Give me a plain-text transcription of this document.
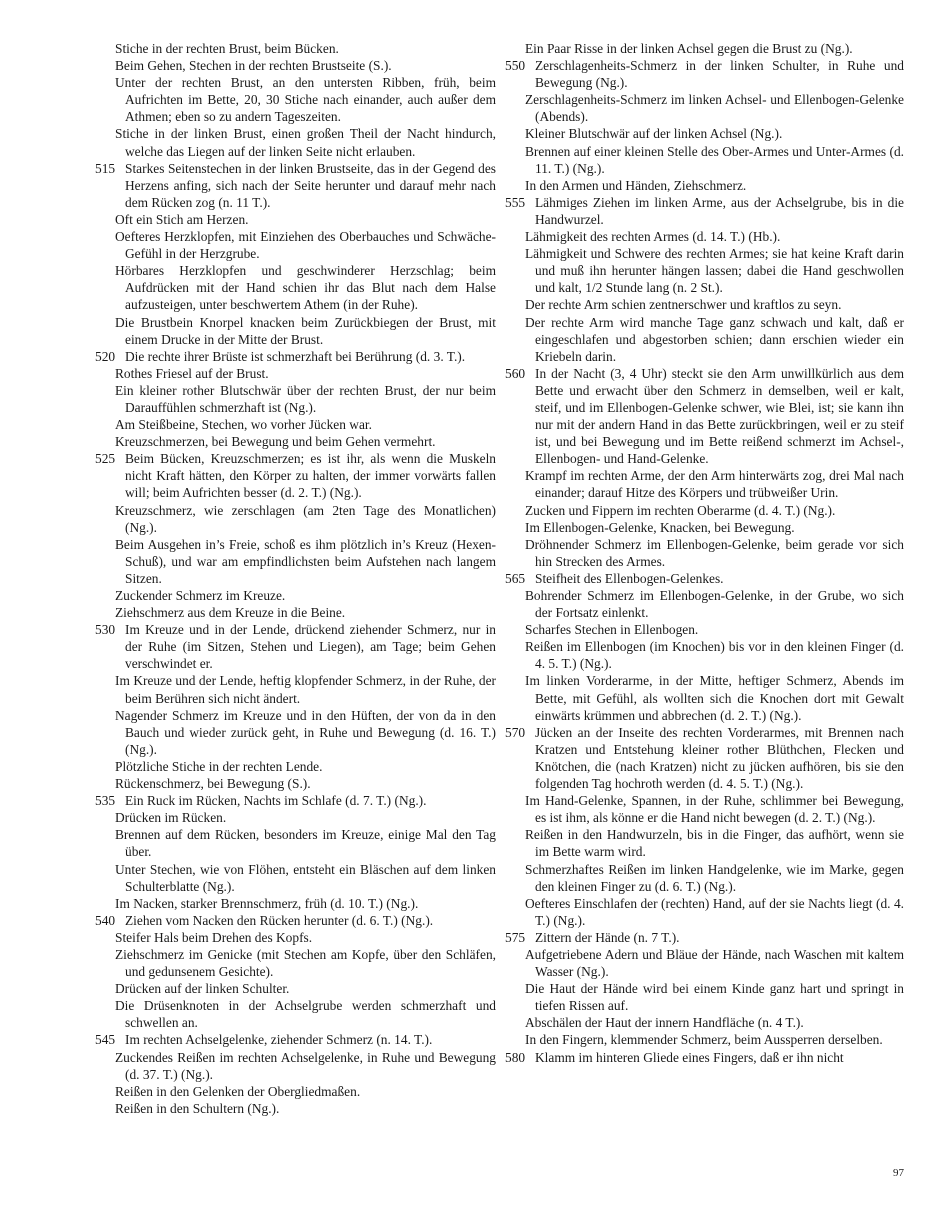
Stiche in der rechten Brust, beim Bücken.
Beim Gehen, Stechen in der rechten Brustseite (S.).
Unter der rechten Brust, an den untersten Ribben, früh, beim Aufrichten im Bette, 20, 30 Stiche nach einander, auch außer dem Athmen; eben so zu andern Tageszeiten.
Stiche in der linken Brust, einen großen Theil der Nacht hindurch, welche das Liegen auf der linken Seite nicht erlauben.
515 Starkes Seitenstechen in der linken Brustseite, das in der Gegend des Herzens anfing, sich nach der Seite herunter und darauf mehr nach dem Rücken zog (n. 11 T.).
Oft ein Stich am Herzen.
Oefteres Herzklopfen, mit Einziehen des Oberbauches und Schwäche-Gefühl in der Herzgrube.
Hörbares Herzklopfen und geschwinderer Herzschlag; beim Aufdrücken mit der Hand schien ihr das Blut nach dem Halse aufzusteigen, unter beschwertem Athem (in der Ruhe).
Die Brustbein Knorpel knacken beim Zurückbiegen der Brust, mit einem Drucke in der Mitte der Brust.
520 Die rechte ihrer Brüste ist schmerzhaft bei Berührung (d. 3. T.).
Rothes Friesel auf der Brust.
Ein kleiner rother Blutschwär über der rechten Brust, der nur beim Darauffühlen schmerzhaft ist (Ng.).
Am Steißbeine, Stechen, wo vorher Jücken war.
Kreuzschmerzen, bei Bewegung und beim Gehen vermehrt.
525 Beim Bücken, Kreuzschmerzen; es ist ihr, als wenn die Muskeln nicht Kraft hätten, den Körper zu halten, der immer vorwärts fallen will; beim Aufrichten besser (d. 2. T.) (Ng.).
Kreuzschmerz, wie zerschlagen (am 2ten Tage des Monatlichen) (Ng.).
Beim Ausgehen in’s Freie, schoß es ihm plötzlich in’s Kreuz (Hexen-Schuß), und war am empfindlichsten beim Aufstehen nach langem Sitzen.
Zuckender Schmerz im Kreuze.
Ziehschmerz aus dem Kreuze in die Beine.
530 Im Kreuze und in der Lende, drückend ziehender Schmerz, nur in der Ruhe (im Sitzen, Stehen und Liegen), am Tage; beim Gehen verschwindet er.
Im Kreuze und der Lende, heftig klopfender Schmerz, in der Ruhe, der beim Berühren sich nicht ändert.
Nagender Schmerz im Kreuze und in den Hüften, der von da in den Bauch und wieder zurück geht, in Ruhe und Bewegung (d. 16. T.) (Ng.).
Plötzliche Stiche in der rechten Lende.
Rückenschmerz, bei Bewegung (S.).
535 Ein Ruck im Rücken, Nachts im Schlafe (d. 7. T.) (Ng.).
Drücken im Rücken.
Brennen auf dem Rücken, besonders im Kreuze, einige Mal den Tag über.
Unter Stechen, wie von Flöhen, entsteht ein Bläschen auf dem linken Schulterblatte (Ng.).
Im Nacken, starker Brennschmerz, früh (d. 10. T.) (Ng.).
540 Ziehen vom Nacken den Rücken herunter (d. 6. T.) (Ng.).
Steifer Hals beim Drehen des Kopfs.
Ziehschmerz im Genicke (mit Stechen am Kopfe, über den Schläfen, und gedunsenem Gesichte).
Drücken auf der linken Schulter.
Die Drüsenknoten in der Achselgrube werden schmerzhaft und schwellen an.
545 Im rechten Achselgelenke, ziehender Schmerz (n. 14. T.).
Zuckendes Reißen im rechten Achselgelenke, in Ruhe und Bewegung (d. 37. T.) (Ng.).
Reißen in den Gelenken der Obergliedmaßen.
Reißen in den Schultern (Ng.).
Ein Paar Risse in der linken Achsel gegen die Brust zu (Ng.).
550 Zerschlagenheits-Schmerz in der linken Schulter, in Ruhe und Bewegung (Ng.).
Zerschlagenheits-Schmerz im linken Achsel- und Ellenbogen-Gelenke (Abends).
Kleiner Blutschwär auf der linken Achsel (Ng.).
Brennen auf einer kleinen Stelle des Ober-Armes und Unter-Armes (d. 11. T.) (Ng.).
In den Armen und Händen, Ziehschmerz.
555 Lähmiges Ziehen im linken Arme, aus der Achselgrube, bis in die Handwurzel.
Lähmigkeit des rechten Armes (d. 14. T.) (Hb.).
Lähmigkeit und Schwere des rechten Armes; sie hat keine Kraft darin und muß ihn herunter hängen lassen; dabei die Hand geschwollen und kalt, 1/2 Stunde lang (n. 2 St.).
Der rechte Arm schien zentnerschwer und kraftlos zu seyn.
Der rechte Arm wird manche Tage ganz schwach und kalt, daß er eingeschlafen und abgestorben schien; dann erschien wieder ein Kriebeln darin.
560 In der Nacht (3, 4 Uhr) steckt sie den Arm unwillkürlich aus dem Bette und erwacht über den Schmerz in demselben, weil er kalt, steif, und im Ellenbogen-Gelenke schwer, wie Blei, ist; sie kann ihn nur mit der andern Hand in das Bette zurückbringen, weil er zu steif ist, und bei Bewegung und im Bette reißend schmerzt im Achsel-, Ellenbogen- und Hand-Gelenke.
Krampf im rechten Arme, der den Arm hinterwärts zog, drei Mal nach einander; darauf Hitze des Körpers und trübweißer Urin.
Zucken und Fippern im rechten Oberarme (d. 4. T.) (Ng.).
Im Ellenbogen-Gelenke, Knacken, bei Bewegung.
Dröhnender Schmerz im Ellenbogen-Gelenke, beim gerade vor sich hin Strecken des Armes.
565 Steifheit des Ellenbogen-Gelenkes.
Bohrender Schmerz im Ellenbogen-Gelenke, in der Grube, wo sich der Fortsatz einlenkt.
Scharfes Stechen in Ellenbogen.
Reißen im Ellenbogen (im Knochen) bis vor in den kleinen Finger (d. 4. 5. T.) (Ng.).
Im linken Vorderarme, in der Mitte, heftiger Schmerz, Abends im Bette, mit Gefühl, als wollten sich die Knochen dort mit Gewalt einwärts krümmen und abbrechen (d. 2. T.) (Ng.).
570 Jücken an der Inseite des rechten Vorderarmes, mit Brennen nach Kratzen und Entstehung kleiner rother Blüthchen, Flecken und Knötchen, die (nach Kratzen) nicht zu jücken aufhören, bis sie den folgenden Tag hochroth werden (d. 4. 5. T.) (Ng.).
Im Hand-Gelenke, Spannen, in der Ruhe, schlimmer bei Bewegung, es ist ihm, als könne er die Hand nicht bewegen (d. 2. T.) (Ng.).
Reißen in den Handwurzeln, bis in die Finger, das aufhört, wenn sie im Bette warm wird.
Schmerzhaftes Reißen im linken Handgelenke, wie im Marke, gegen den kleinen Finger zu (d. 6. T.) (Ng.).
Oefteres Einschlafen der (rechten) Hand, auf der sie Nachts liegt (d. 4. T.) (Ng.).
575 Zittern der Hände (n. 7 T.).
Aufgetriebene Adern und Bläue der Hände, nach Waschen mit kaltem Wasser (Ng.).
Die Haut der Hände wird bei einem Kinde ganz hart und springt in tiefen Rissen auf.
Abschälen der Haut der innern Handfläche (n. 4 T.).
In den Fingern, klemmender Schmerz, beim Aussperren derselben.
580 Klamm im hinteren Gliede eines Fingers, daß er ihn nicht
97
